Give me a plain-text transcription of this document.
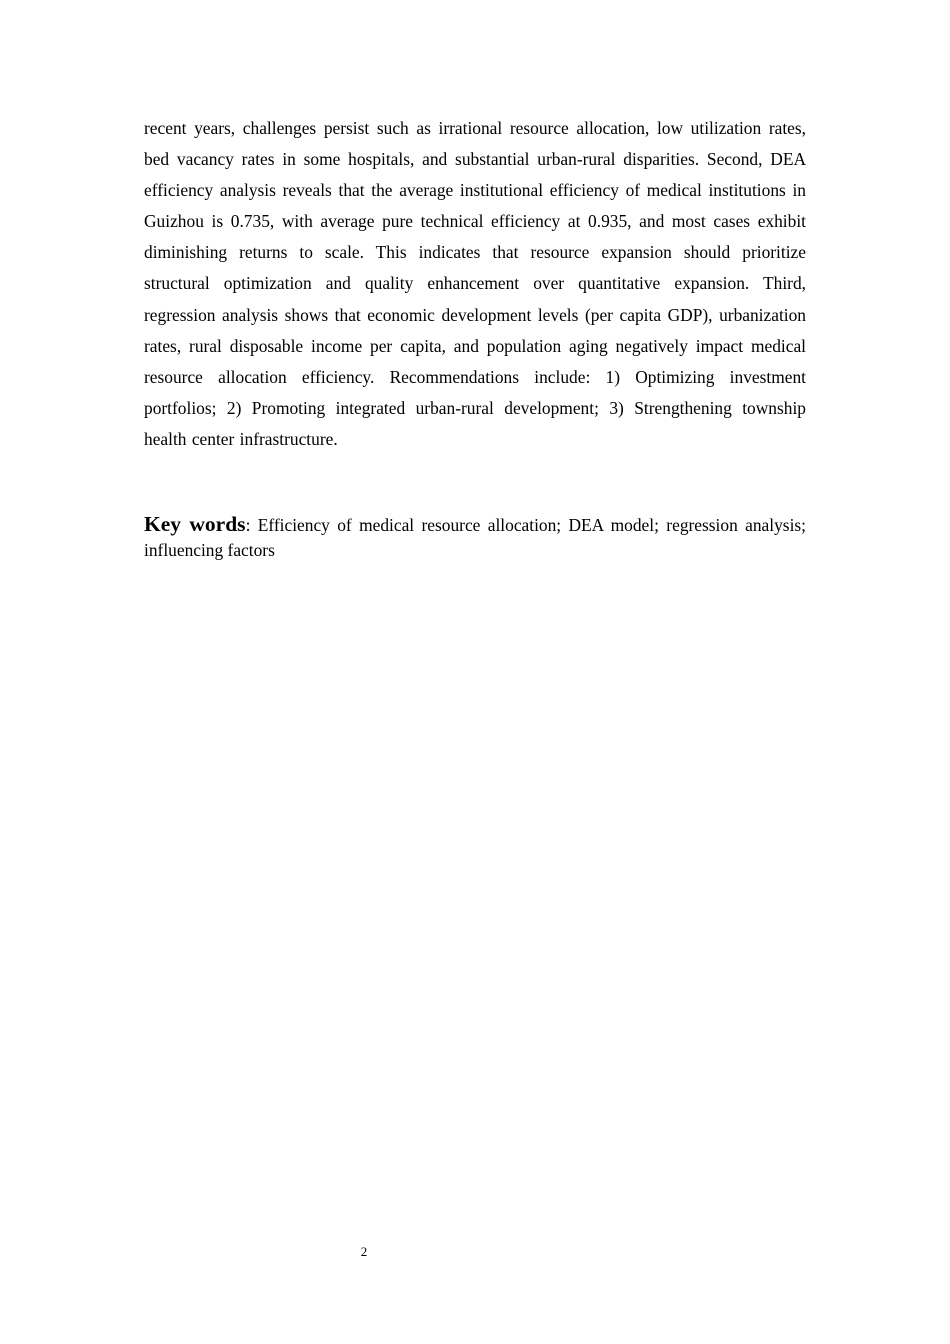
recent years, challenges persist such as irrational resource allocation, low utilization rates, bed vacancy rates in some hospitals, and substantial urban-rural disparities. Second, DEA efficiency analysis reveals that the average institutional efficiency of medical institutions in Guizhou is 0.735, with average pure technical efficiency at 0.935, and most cases exhibit diminishing returns to scale. This indicates that resource expansion should prioritize structural optimization and quality enhancement over quantitative expansion. Third, regression analysis shows that economic development levels (per capita GDP), urbanization rates, rural disposable income per capita, and population aging negatively impact medical resource allocation efficiency. Recommendations include: 1) Optimizing investment portfolios; 2) Promoting integrated urban-rural development; 3) Strengthening township health center infrastructure.

Key words: Efficiency of medical resource allocation; DEA model; regression analysis; influencing factors

2
